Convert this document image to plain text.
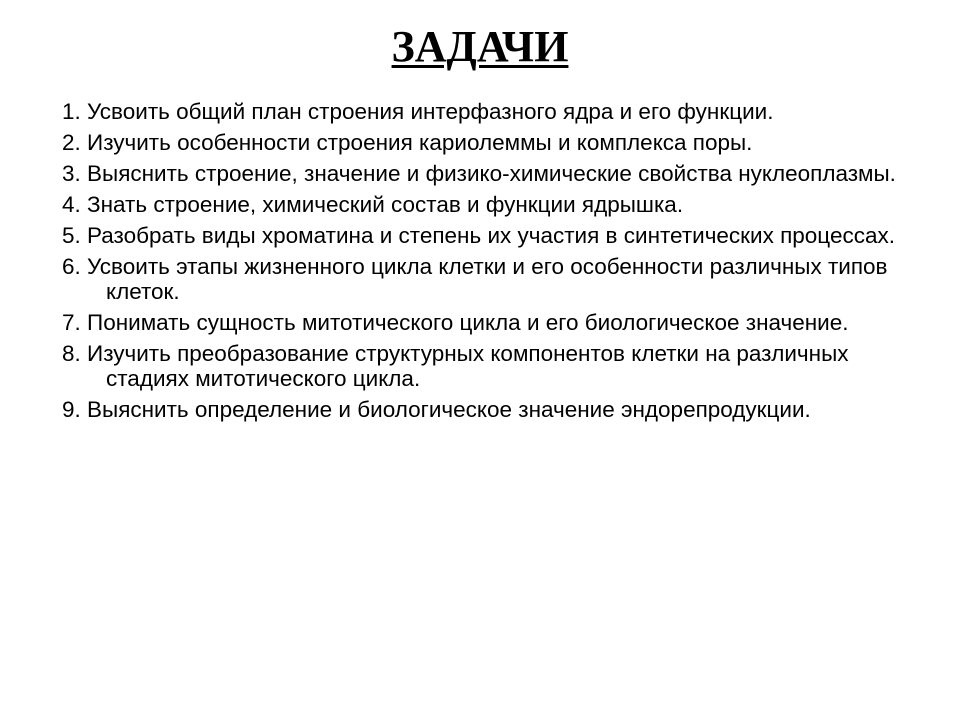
ЗАДАЧИ
1. Усвоить общий план строения интерфазного ядра и его функции.
2. Изучить особенности строения кариолеммы и комплекса поры.
3. Выяснить строение, значение и физико-химические свойства нуклеоплазмы.
4. Знать строение, химический состав и функции ядрышка.
5. Разобрать виды хроматина и степень их участия в синтетических процессах.
6. Усвоить этапы жизненного цикла клетки и его особенности различных типов клеток.
7. Понимать сущность митотического цикла и его биологическое значение.
8. Изучить преобразование структурных компонентов клетки на различных стадиях митотического цикла.
9. Выяснить определение и биологическое значение эндорепродукции.
